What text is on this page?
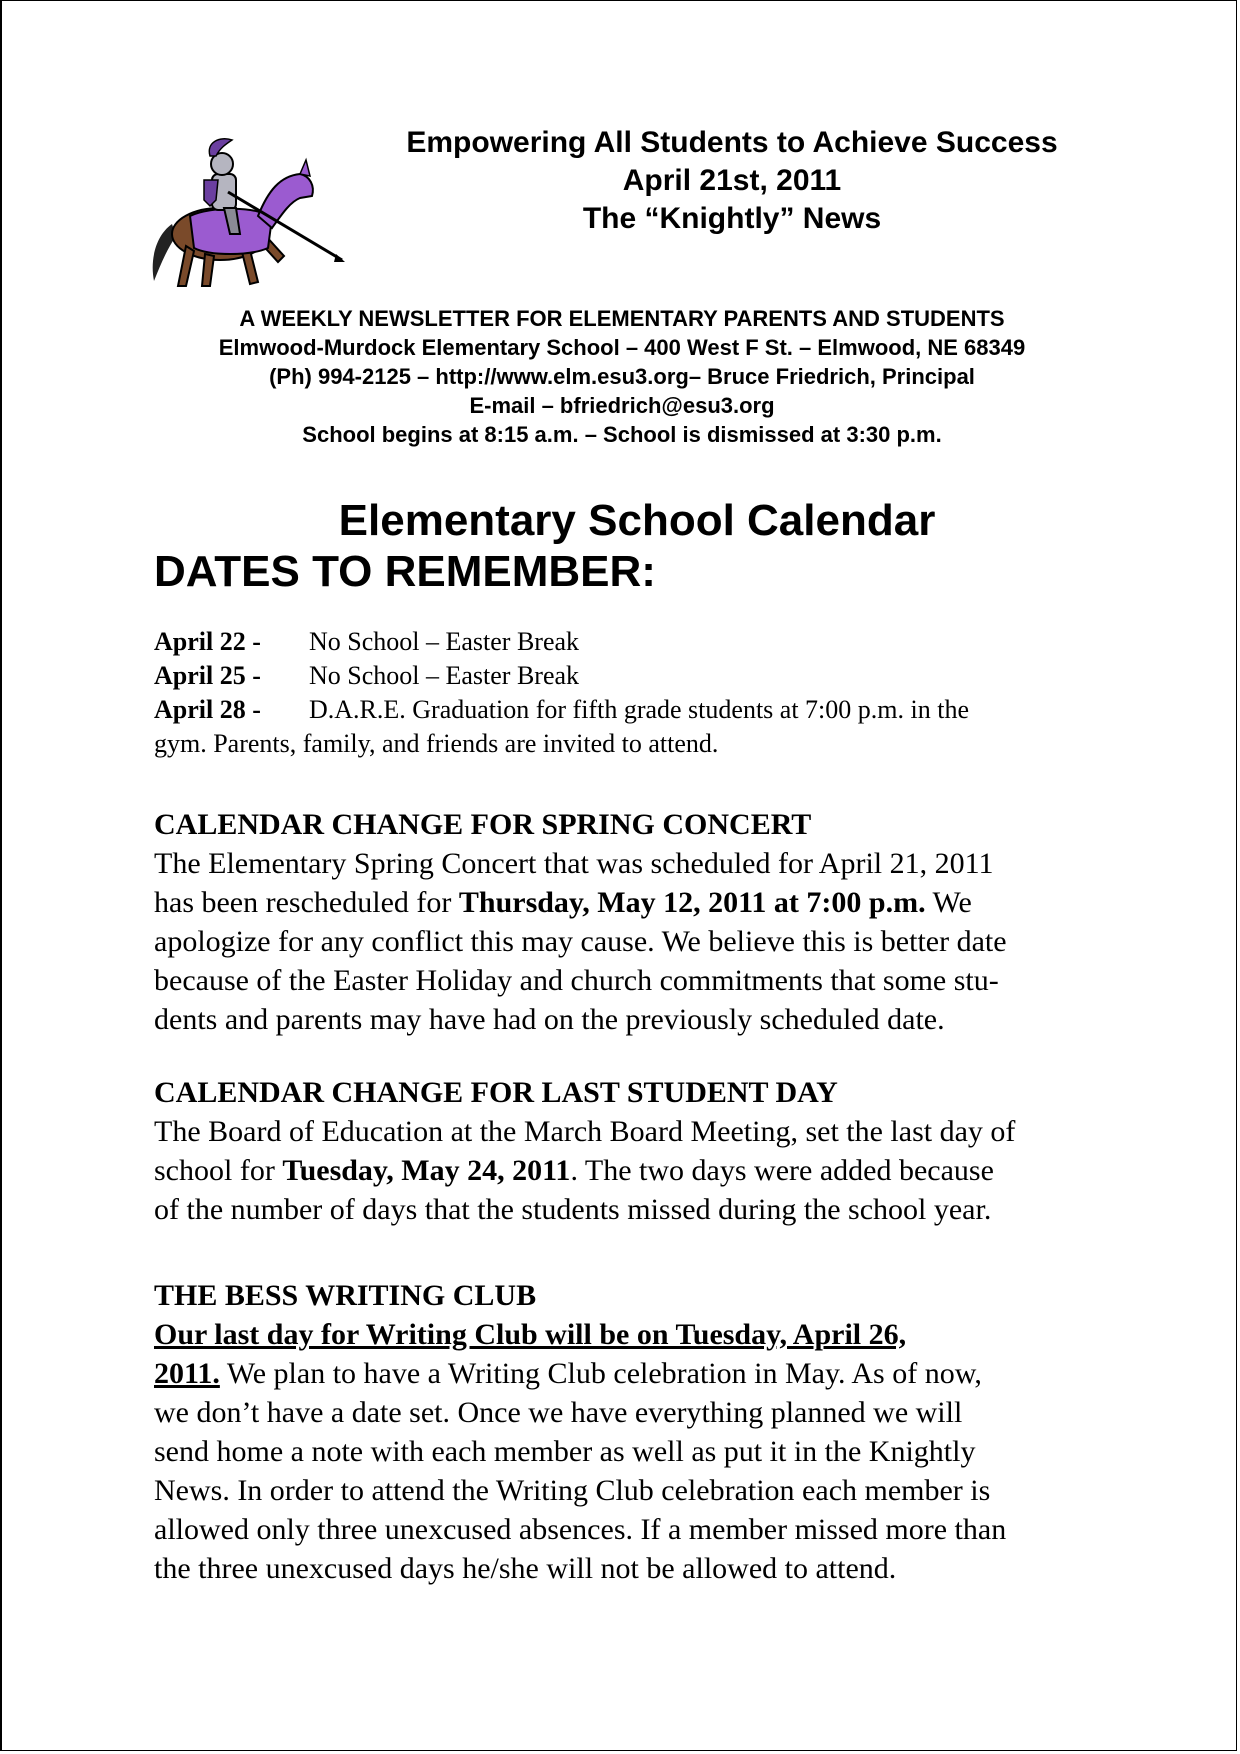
Empowering All Students to Achieve Success
April 21st, 2011
The “Knightly” News
A WEEKLY NEWSLETTER FOR ELEMENTARY PARENTS AND STUDENTS
Elmwood-Murdock Elementary School – 400 West F St. – Elmwood, NE 68349
(Ph) 994-2125 – http://www.elm.esu3.org– Bruce Friedrich, Principal
E-mail – bfriedrich@esu3.org
School begins at 8:15 a.m. – School is dismissed at 3:30 p.m.
Elementary School Calendar
DATES TO REMEMBER:
April 22 - No School – Easter Break
April 25 - No School – Easter Break
April 28 - D.A.R.E. Graduation for fifth grade students at 7:00 p.m. in the
gym. Parents, family, and friends are invited to attend.
CALENDAR CHANGE FOR SPRING CONCERT

The Elementary Spring Concert that was scheduled for April 21, 2011
has been rescheduled for Thursday, May 12, 2011 at 7:00 p.m. We
apologize for any conflict this may cause. We believe this is better date
because of the Easter Holiday and church commitments that some stu-
dents and parents may have had on the previously scheduled date.

CALENDAR CHANGE FOR LAST STUDENT DAY

The Board of Education at the March Board Meeting, set the last day of
school for Tuesday, May 24, 2011. The two days were added because
of the number of days that the students missed during the school year.

THE BESS WRITING CLUB

Our last day for Writing Club will be on Tuesday, April 26,
2011. We plan to have a Writing Club celebration in May. As of now,
we don’t have a date set. Once we have everything planned we will
send home a note with each member as well as put it in the Knightly
News. In order to attend the Writing Club celebration each member is
allowed only three unexcused absences. If a member missed more than
the three unexcused days he/she will not be allowed to attend.
